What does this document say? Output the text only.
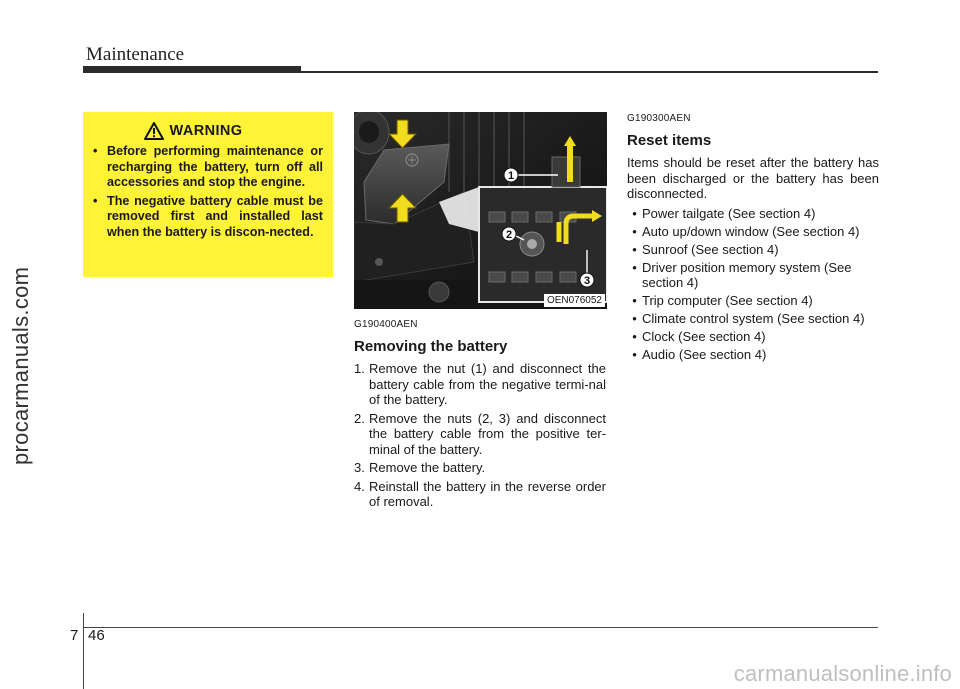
Maintenance
procarmanuals.com
WARNING
• Before performing maintenance or recharging the battery, turn off all accessories and stop the engine.
• The negative battery cable must be removed first and installed last when the battery is discon-nected.
1
2
3
OEN076052
G190400AEN
Removing the battery
1. Remove the nut (1) and disconnect the battery cable from the negative termi-nal of the battery.
2. Remove the nuts (2, 3) and disconnect the battery cable from the positive ter-minal of the battery.
3. Remove the battery.
4. Reinstall the battery in the reverse order of removal.
G190300AEN
Reset items
Items should be reset after the battery has been discharged or the battery has been disconnected.
• Power tailgate (See section 4)
• Auto up/down window (See section 4)
• Sunroof (See section 4)
• Driver position memory system (See section 4)
• Trip computer (See section 4)
• Climate control system (See section 4)
• Clock (See section 4)
• Audio (See section 4)
7 46
carmanualsonline.info
